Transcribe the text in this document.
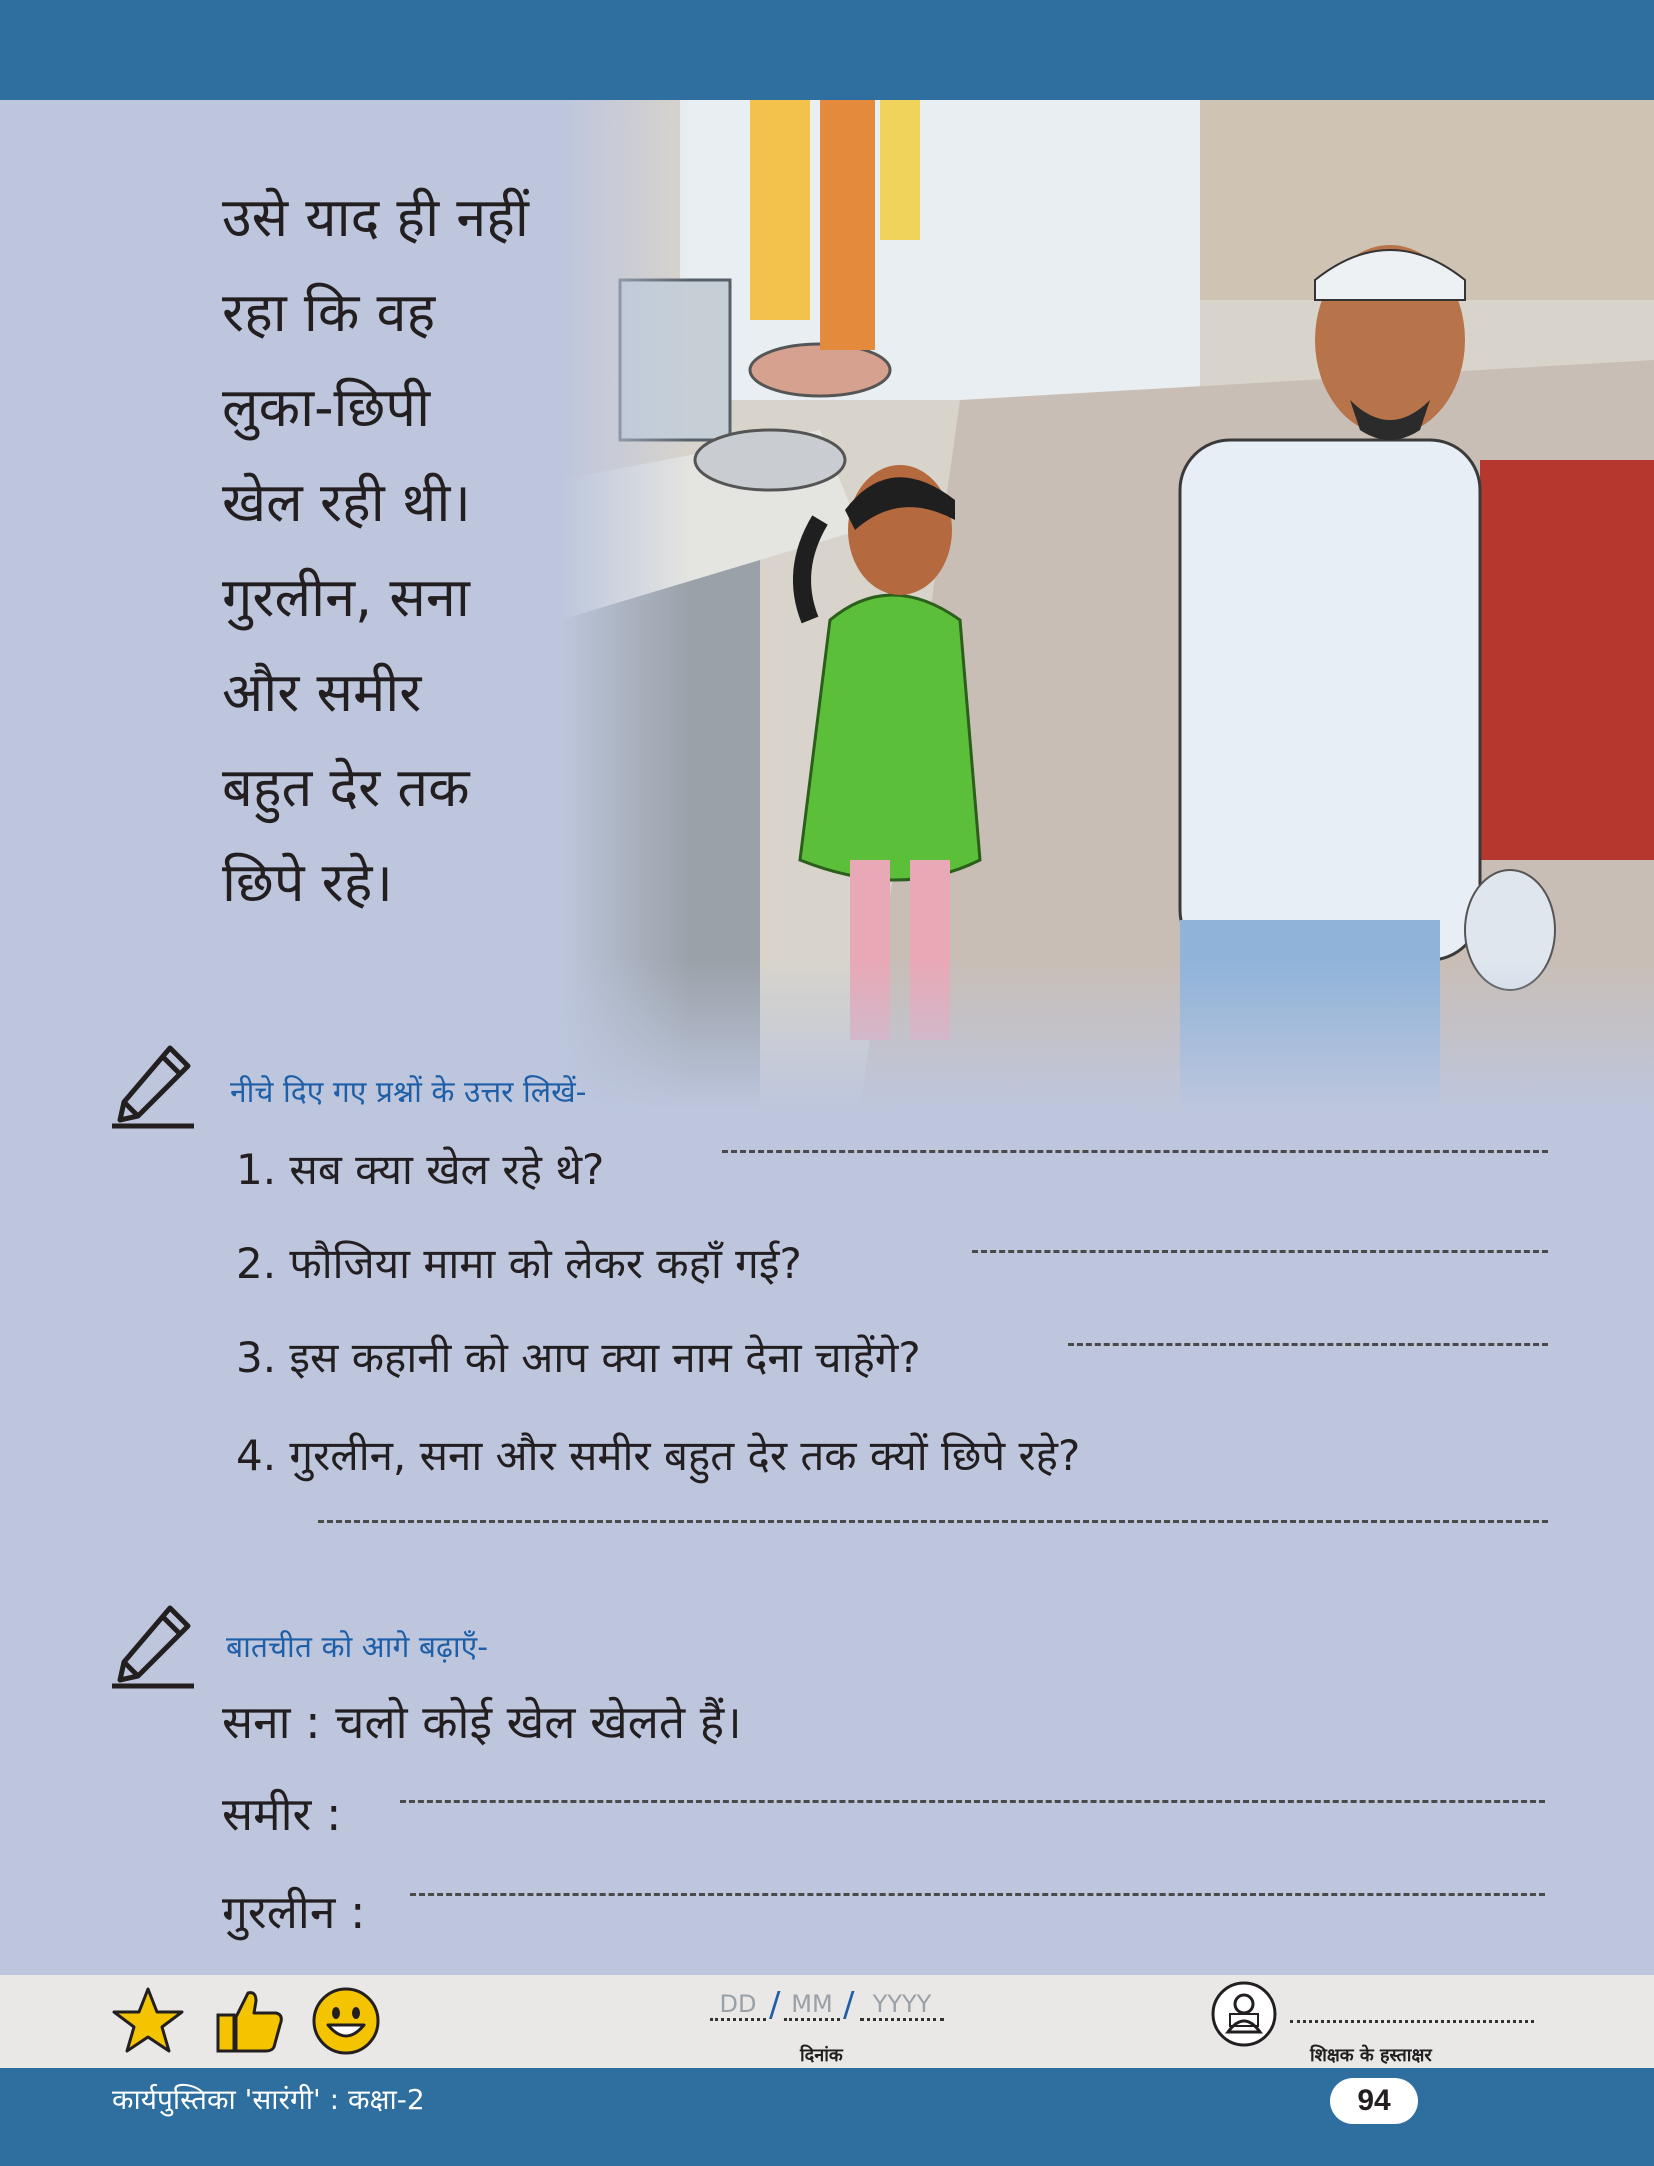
उसे याद ही नहीं
रहा कि वह
लुका-छिपी
खेल रही थी।
गुरलीन, सना
और समीर
बहुत देर तक
छिपे रहे।
नीचे दिए गए प्रश्नों के उत्तर लिखें-
1. सब क्या खेल रहे थे?
2. फौजिया मामा को लेकर कहाँ गई?
3. इस कहानी को आप क्या नाम देना चाहेंगे?
4. गुरलीन, सना और समीर बहुत देर तक क्यों छिपे रहे?
बातचीत को आगे बढ़ाएँ-
सना : चलो कोई खेल खेलते हैं।
समीर :
गुरलीन :
DD / MM / YYYY
दिनांक	शिक्षक के हस्ताक्षर
कार्यपुस्तिका 'सारंगी' : कक्षा-2	94
